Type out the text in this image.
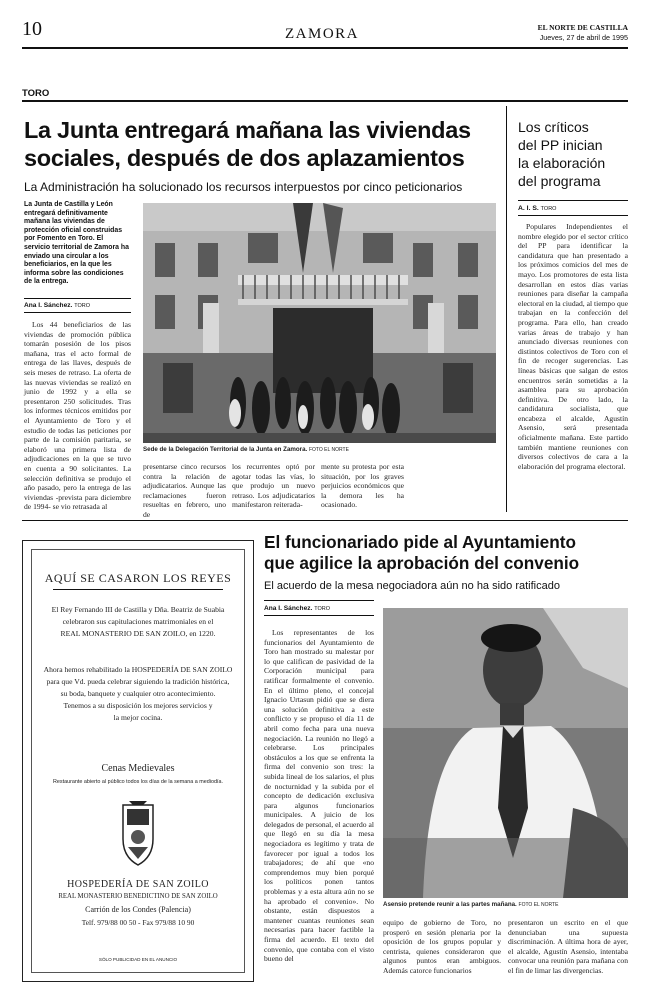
10	ZAMORA	EL NORTE DE CASTILLA
Jueves, 27 de abril de 1995
TORO
La Junta entregará mañana las viviendas
sociales, después de dos aplazamientos
La Administración ha solucionado los recursos interpuestos por cinco peticionarios
La Junta de Castilla y León entregará definitivamente mañana las viviendas de protección oficial construidas por Fomento en Toro. El servicio territorial de Zamora ha enviado una circular a los beneficiarios, en la que les informa sobre las condiciones de la entrega.
Ana I. Sánchez. TORO

Los 44 beneficiarios de las viviendas de promoción pública tomarán posesión de los pisos mañana, tras el acto formal de entrega de las llaves, después de seis meses de retraso. La oferta de las nuevas viviendas se realizó en junio de 1992 y a ella se presentaron 250 solicitudes. Tras los informes técnicos emitidos por el Ayuntamiento de Toro y el estudio de todas las peticiones por parte de la comisión paritaria, se elaboró una primera lista de adjudicaciones en la que se tuvo en cuenta a 90 solicitantes. La selección definitiva se produjo el año pasado, pero la entrega de las viviendas -prevista para diciembre de 1994- se vio retrasada al

Sede de la Delegación Territorial de la Junta en Zamora. FOTO EL NORTE

presentarse cinco recursos contra la relación de adjudicatarios. Aunque las reclamaciones fueron resueltas en febrero, uno de

los recurrentes optó por agotar todas las vías, lo que produjo un nuevo retraso. Los adjudicatarios manifestaron reiterada-

mente su protesta por esta situación, por los graves perjuicios económicos que la demora les ha ocasionado.

Los críticos
del PP inician
la elaboración
del programa
A. I. S. TORO

Populares Independientes el nombre elegido por el sector crítico del PP para identificar la candidatura que han presentado a los próximos comicios del mes de mayo. Los promotores de esta lista desarrollan en estos días varias reuniones para diseñar la campaña electoral en la ciudad, al tiempo que trabajan en la confección del programa. Para ello, han creado varias áreas de trabajo y han anunciado diversas reuniones con distintos colectivos de Toro con el fin de recoger sugerencias. Las líneas básicas que salgan de estos encuentros serán sometidas a la asamblea para su aprobación definitiva. De otro lado, la candidatura socialista, que encabeza el alcalde, Agustín Asensio, será presentada oficialmente mañana. Este partido también mantiene reuniones con diversos colectivos de cara a la elaboración del programa electoral.

AQUÍ SE CASARON LOS REYES
El Rey Fernando III de Castilla y Dña. Beatriz de Suabia
celebraron sus capitulaciones matrimoniales en el
REAL MONASTERIO DE SAN ZOILO, en 1220.
Ahora hemos rehabilitado la HOSPEDERÍA DE SAN ZOILO
para que Vd. pueda celebrar siguiendo la tradición histórica,
su boda, banquete y cualquier otro acontecimiento.
Tenemos a su disposición los mejores servicios y
la mejor cocina.
Cenas Medievales
Restaurante abierto al público todos los días de la semana a mediodía.
HOSPEDERÍA DE SAN ZOILO
REAL MONASTERIO BENEDICTINO DE SAN ZOILO
Carrión de los Condes (Palencia)
Telf. 979/88 00 50 - Fax 979/88 10 90
SÓLO PUBLICIDAD EN EL ANUNCIO
El funcionariado pide al Ayuntamiento
que agilice la aprobación del convenio
El acuerdo de la mesa negociadora aún no ha sido ratificado
Ana I. Sánchez. TORO

Los representantes de los funcionarios del Ayuntamiento de Toro han mostrado su malestar por lo que califican de pasividad de la Corporación municipal para ratificar formalmente el convenio. En el último pleno, el concejal Ignacio Urtasun pidió que se diera una solución definitiva a este conflicto y se propuso el día 11 de abril como fecha para una nueva negociación. La reunión no llegó a celebrarse. Los principales obstáculos a los que se enfrenta la firma del convenio son tres: la subida lineal de los salarios, el plus de nocturnidad y la subida por el concepto de dedicación exclusiva para algunos funcionarios municipales. A juicio de los delegados de personal, el acuerdo al que llegó en su día la mesa negociadora es legítimo y trata de favorecer por igual a todos los trabajadores; de ahí que «no comprendemos muy bien porqué los políticos ponen tantos problemas y a esta altura aún no se ha aprobado el convenio». No obstante, están dispuestos a mantener cuantas reuniones sean necesarias para hacer factible la firma del acuerdo. El texto del convenio, que contaba con el visto bueno del

Asensio pretende reunir a las partes mañana. FOTO EL NORTE

equipo de gobierno de Toro, no prosperó en sesión plenaria por la oposición de los grupos popular y centrista, quienes consideraron que algunos puntos eran ambiguos. Además catorce funcionarios

presentaron un escrito en el que denunciaban una supuesta discriminación. A última hora de ayer, el alcalde, Agustín Asensio, intentaba convocar una reunión para mañana con el fin de limar las divergencias.
